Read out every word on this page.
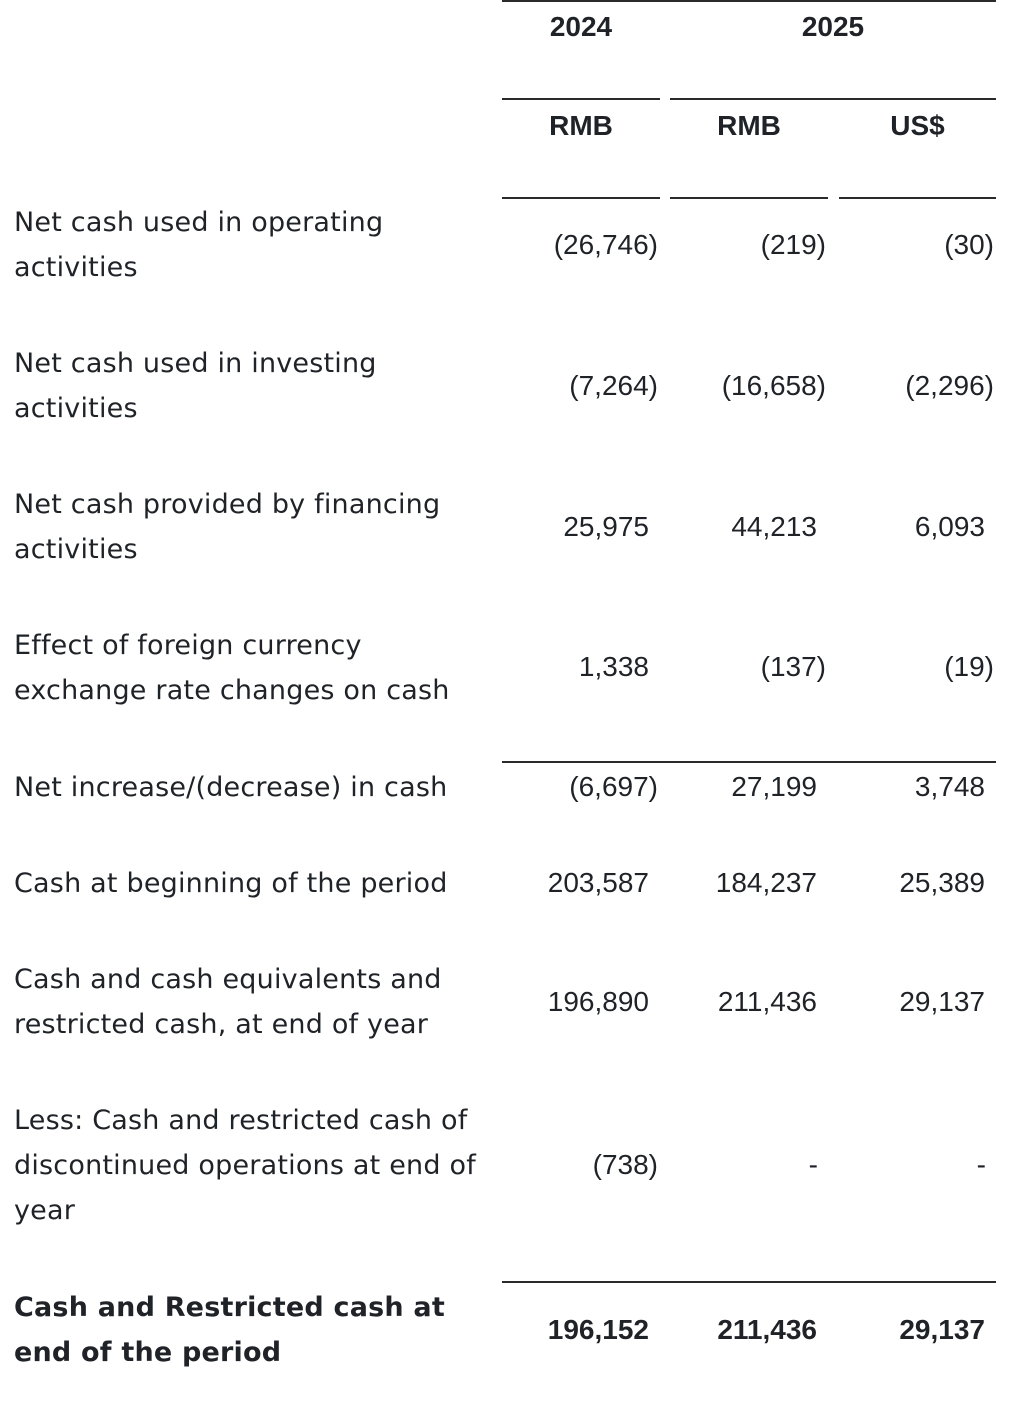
2024	2025
RMB	RMB	US$
Net cash used in operating activities
(26,746)	(219)	(30)
Net cash used in investing activities
(7,264) (16,658)	(2,296)
Net cash provided by financing activities
25,975	44,213	6,093
Effect of foreign currency exchange rate changes on cash
1,338	(137)	(19)
Net increase/(decrease) in cash	(6,697)	27,199	3,748
Cash at beginning of the period	203,587 184,237	25,389
Cash and cash equivalents and restricted cash, at end of year
196,890 211,436	29,137
Less: Cash and restricted cash of discontinued operations at end of year
(738)	-	-
Cash and Restricted cash at end of the period
196,152 211,436	29,137
